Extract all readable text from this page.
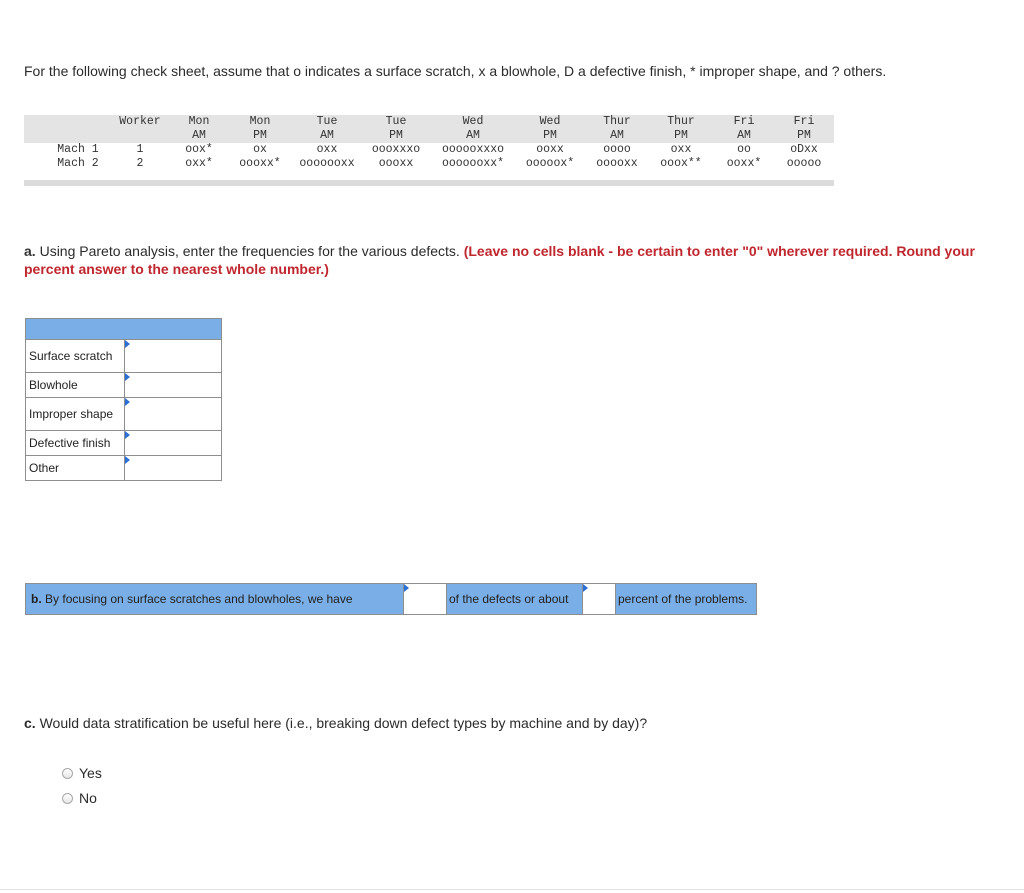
For the following check sheet, assume that o indicates a surface scratch, x a blowhole, D a defective finish, * improper shape, and ? others.
	Worker	Mon	Mon	Tue	Tue	Wed	Wed	Thur	Thur	Fri	Fri
		AM	PM	AM	PM	AM	PM	AM	PM	AM	PM
Mach 1	1	oox*	ox	oxx	oooxxxo	oooooxxxo	ooxx	oooo	oxx	oo	oDxx
Mach 2	2	oxx*	oooxx*	ooooooxx	oooxx	ooooooxx*	ooooox*	ooooxx	ooox**	ooxx*	ooooo
a. Using Pareto analysis, enter the frequencies for the various defects. (Leave no cells blank - be certain to enter "0" wherever required. Round your percent answer to the nearest whole number.)

Surface scratch	

Blowhole	

Improper shape	

Defective finish	

Other	
b.
By focusing on surface scratches and blowholes, we have	of the defects or about	percent of the problems.
c. Would data stratification be useful here (i.e., breaking down defect types by machine and by day)?
Yes
No
